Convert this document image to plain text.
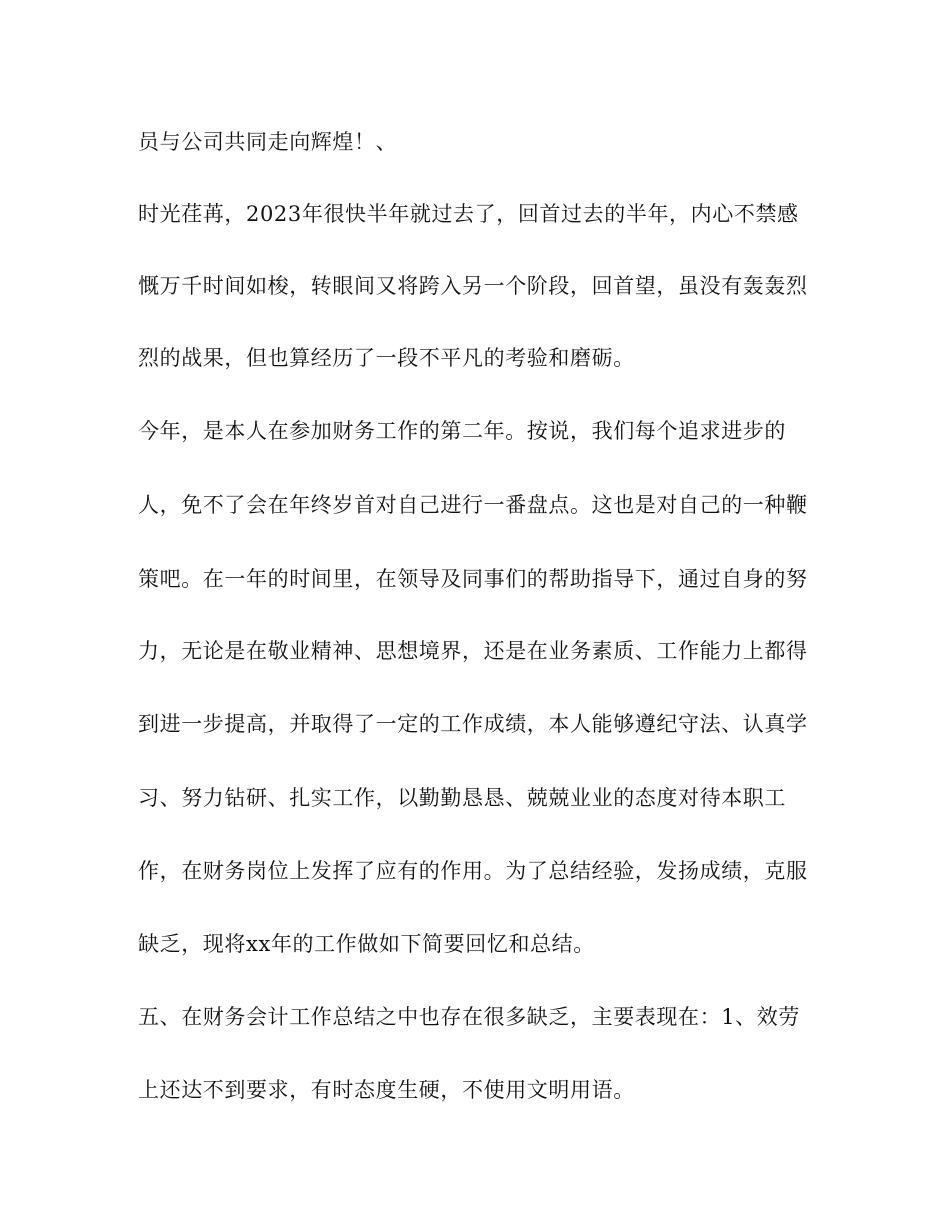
员与公司共同走向辉煌！、
时光荏苒，2023年很快半年就过去了，回首过去的半年，内心不禁感
慨万千时间如梭，转眼间又将跨入另一个阶段，回首望，虽没有轰轰烈
烈的战果，但也算经历了一段不平凡的考验和磨砺。
今年，是本人在参加财务工作的第二年。按说，我们每个追求进步的
人，免不了会在年终岁首对自己进行一番盘点。这也是对自己的一种鞭
策吧。在一年的时间里，在领导及同事们的帮助指导下，通过自身的努
力，无论是在敬业精神、思想境界，还是在业务素质、工作能力上都得
到进一步提高，并取得了一定的工作成绩，本人能够遵纪守法、认真学
习、努力钻研、扎实工作，以勤勤恳恳、兢兢业业的态度对待本职工
作，在财务岗位上发挥了应有的作用。为了总结经验，发扬成绩，克服
缺乏，现将xx年的工作做如下简要回忆和总结。
五、在财务会计工作总结之中也存在很多缺乏，主要表现在：1、效劳
上还达不到要求，有时态度生硬，不使用文明用语。
